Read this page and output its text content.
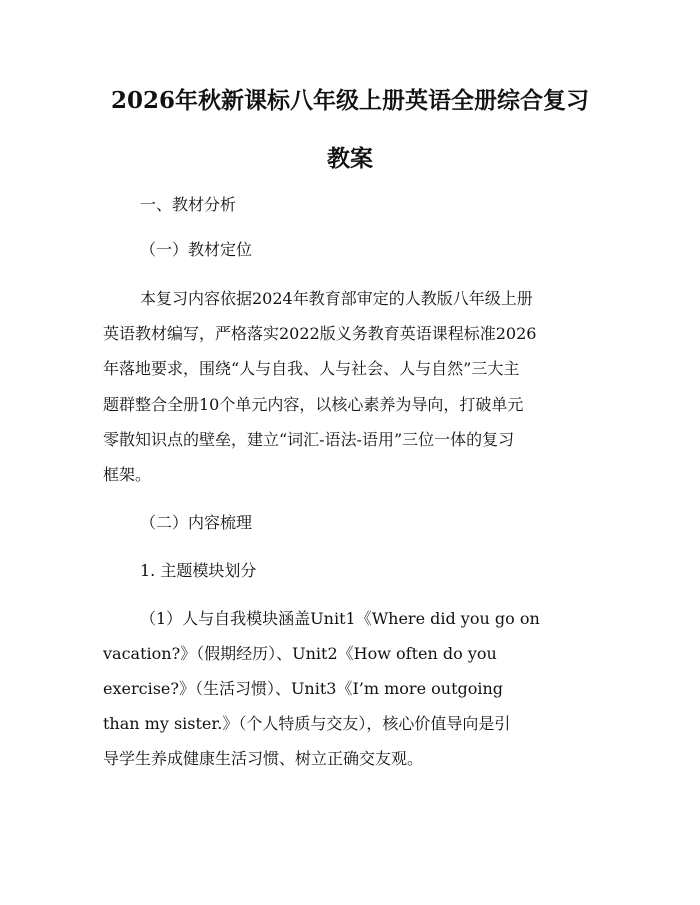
2026年秋新课标八年级上册英语全册综合复习教案

一、教材分析

（一）教材定位

本复习内容依据2024年教育部审定的人教版八年级上册

英语教材编写，严格落实2022版义务教育英语课程标准2026

年落地要求，围绕“人与自我、人与社会、人与自然”三大主

题群整合全册10个单元内容，以核心素养为导向，打破单元

零散知识点的壁垒，建立“词汇-语法-语用”三位一体的复习

框架。

（二）内容梳理

1. 主题模块划分

（1）人与自我模块涵盖Unit1《Where did you go on

vacation?》（假期经历）、Unit2《How often do you

exercise?》（生活习惯）、Unit3《I’m more outgoing

than my sister.》（个人特质与交友），核心价值导向是引

导学生养成健康生活习惯、树立正确交友观。
